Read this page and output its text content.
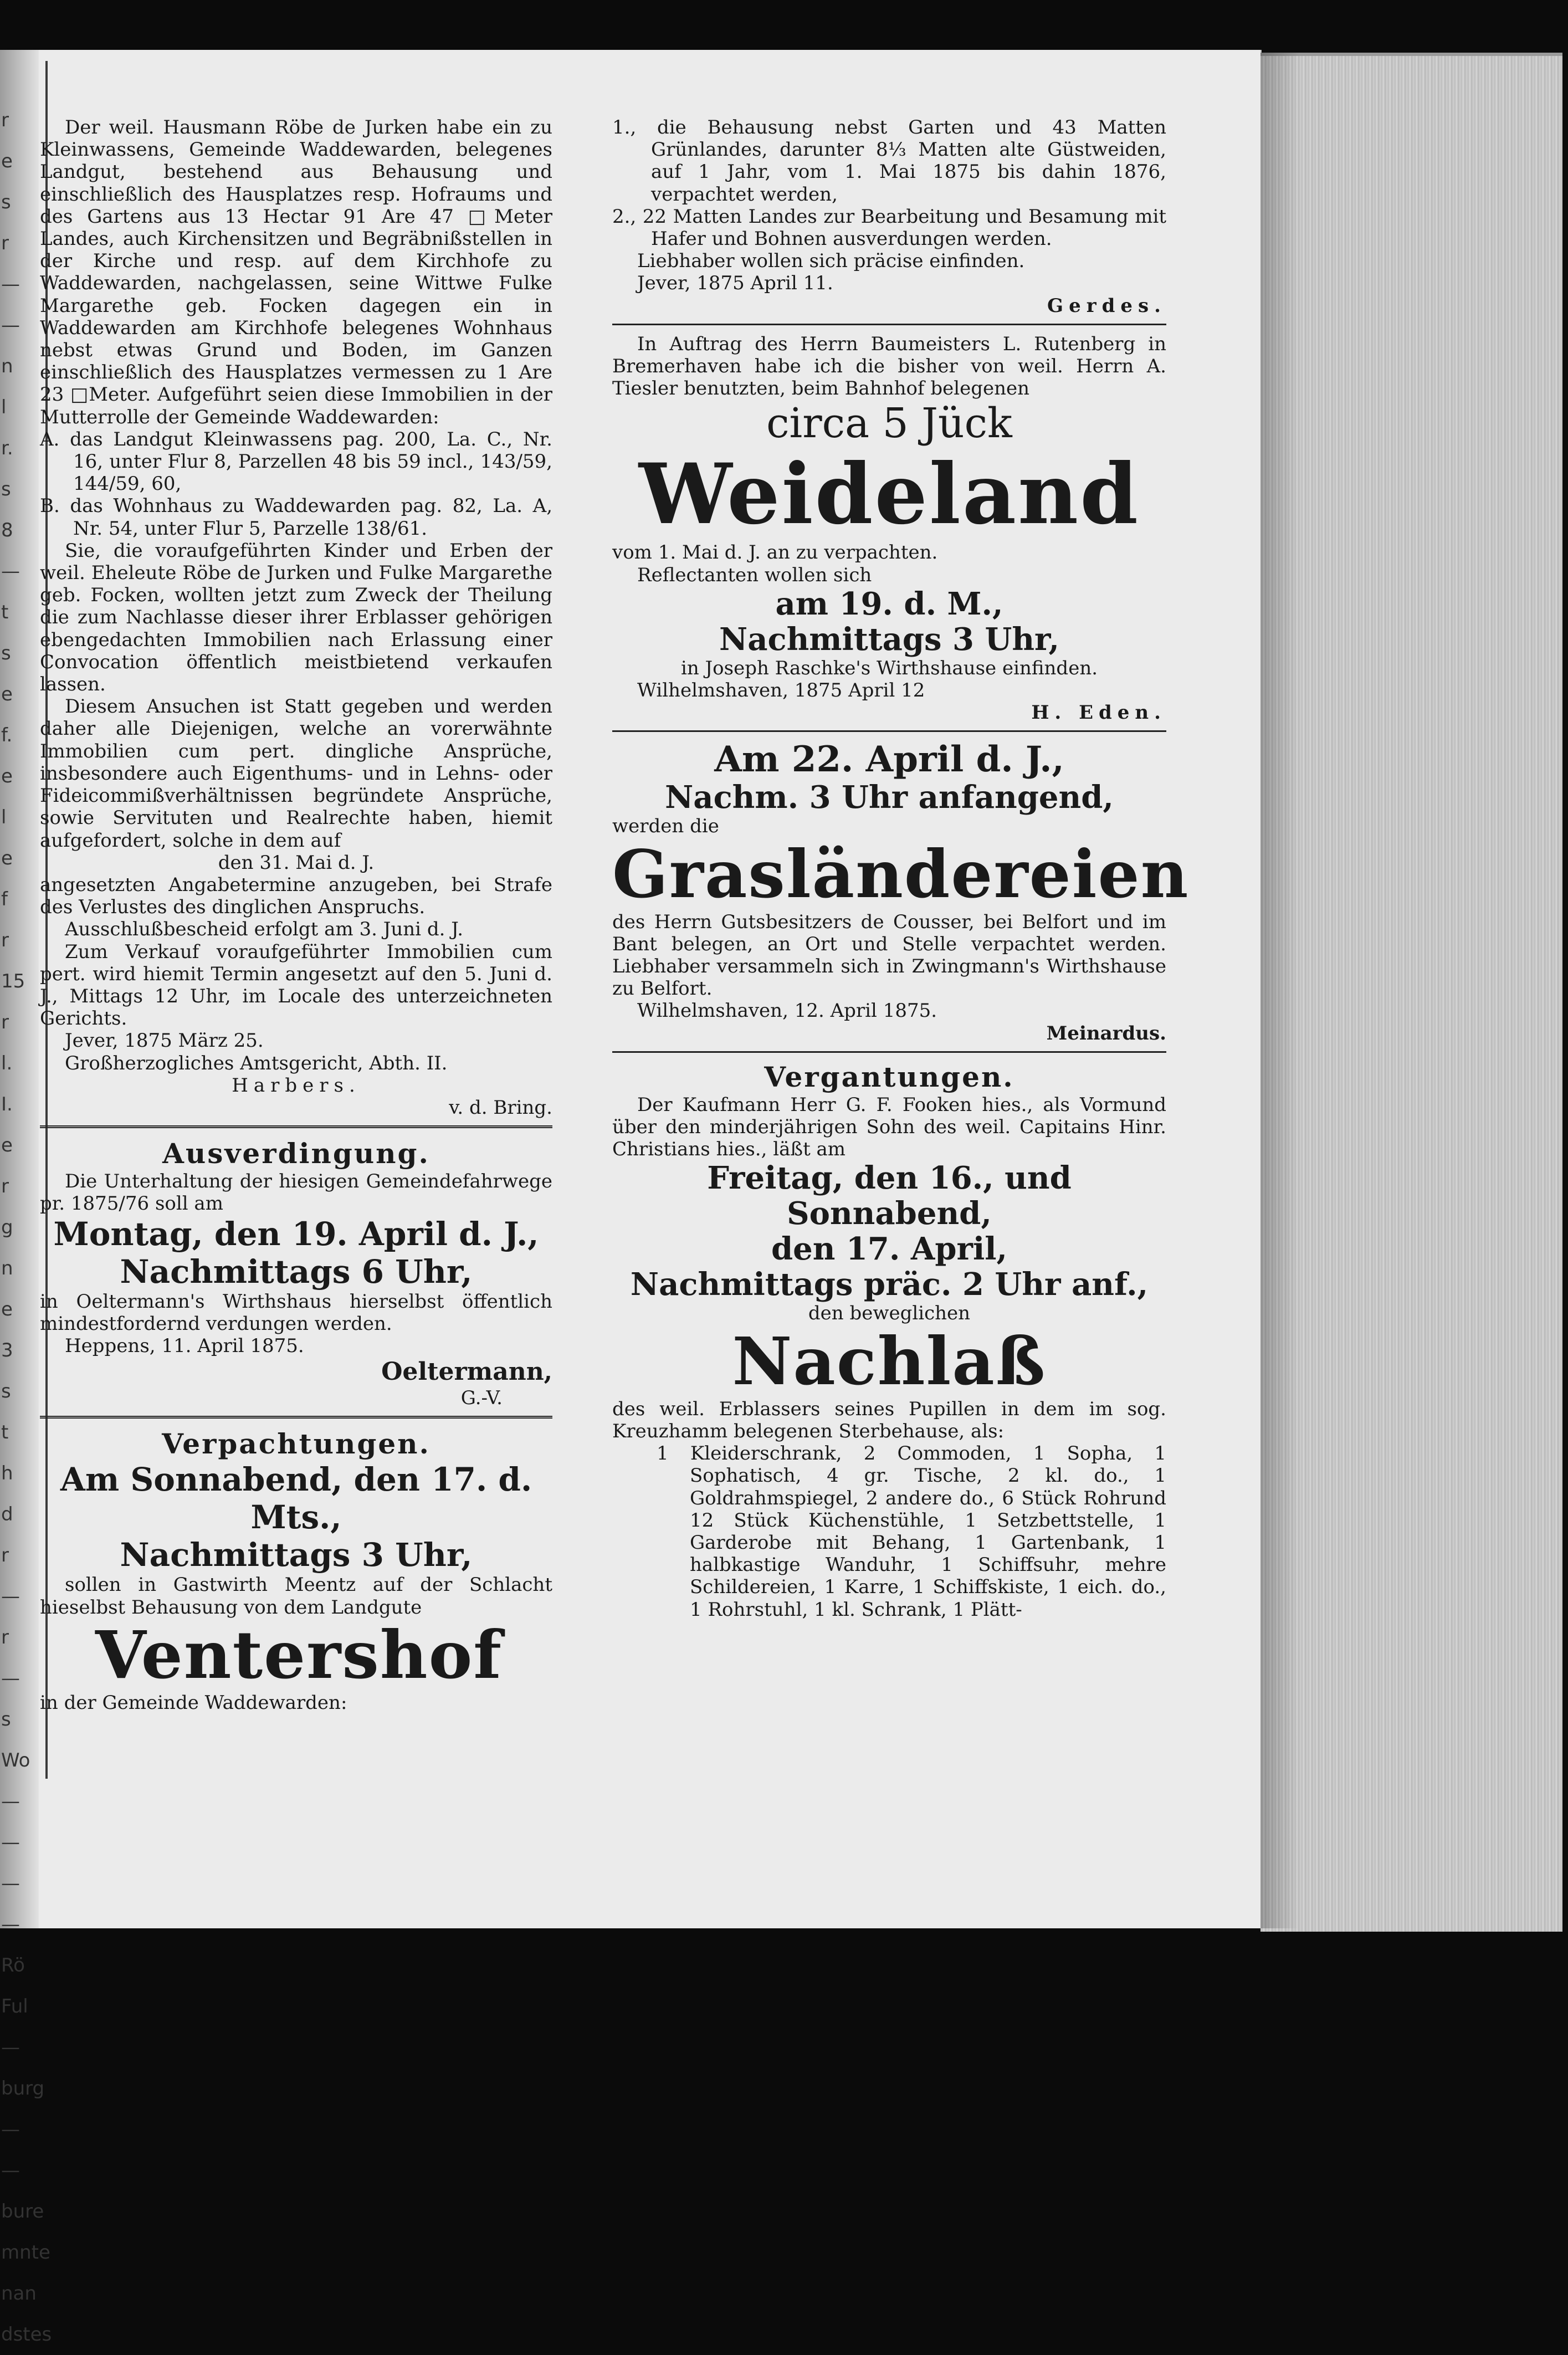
r
e
s
r
—
—
n
l
r.
s
8
—
t
s
e
f.
e
l
e
f
r
15
r
l.
I.
e
r
g
n
e
3
s
t
h
d
r
—
r
—
s
Wo
—
—
—
—
Rö
Ful
—
burg
—
—
bure
mnte
nan
dstes

Der weil. Hausmann Röbe de Jurken habe ein zu Kleinwassens, Gemeinde Waddewarden, belegenes Landgut, bestehend aus Behausung und einschließlich des Hausplatzes resp. Hofraums und des Gartens aus 13 Hectar 91 Are 47 □Meter Landes, auch Kirchensitzen und Begräbnißstellen in der Kirche und resp. auf dem Kirchhofe zu Waddewarden, nachgelassen, seine Wittwe Fulke Margarethe geb. Focken dagegen ein in Waddewarden am Kirchhofe belegenes Wohnhaus nebst etwas Grund und Boden, im Ganzen einschließlich des Hausplatzes vermessen zu 1 Are 23 □Meter. Aufgeführt seien diese Immobilien in der Mutterrolle der Gemeinde Waddewarden:

A. das Landgut Kleinwassens pag. 200, La. C., Nr. 16, unter Flur 8, Parzellen 48 bis 59 incl., 143/59, 144/59, 60,

B. das Wohnhaus zu Waddewarden pag. 82, La. A, Nr. 54, unter Flur 5, Parzelle 138/61.

Sie, die voraufgeführten Kinder und Erben der weil. Eheleute Röbe de Jurken und Fulke Margarethe geb. Focken, wollten jetzt zum Zweck der Theilung die zum Nachlasse dieser ihrer Erblasser gehörigen ebengedachten Immobilien nach Erlassung einer Convocation öffentlich meistbietend verkaufen lassen.

Diesem Ansuchen ist Statt gegeben und werden daher alle Diejenigen, welche an vorerwähnte Immobilien cum pert. dingliche Ansprüche, insbesondere auch Eigenthums- und in Lehns- oder Fideicommißverhältnissen begründete Ansprüche, sowie Servituten und Realrechte haben, hiemit aufgefordert, solche in dem auf

den 31. Mai d. J.

angesetzten Angabetermine anzugeben, bei Strafe des Verlustes des dinglichen Anspruchs.

Ausschlußbescheid erfolgt am 3. Juni d. J.

Zum Verkauf voraufgeführter Immobilien cum pert. wird hiemit Termin angesetzt auf den 5. Juni d. J., Mittags 12 Uhr, im Locale des unterzeichneten Gerichts.

Jever, 1875 März 25.

Großherzogliches Amtsgericht, Abth. II.

Harbers.

v. d. Bring.

Ausverdingung.

Die Unterhaltung der hiesigen Gemeindefahrwege pr. 1875/76 soll am

Montag, den 19. April d. J.,

Nachmittags 6 Uhr,

in Oeltermann's Wirthshaus hierselbst öffentlich mindestfordernd verdungen werden.

Heppens, 11. April 1875.

Oeltermann,

G.-V.

Verpachtungen.

Am Sonnabend, den 17. d. Mts.,

Nachmittags 3 Uhr,

sollen in Gastwirth Meentz auf der Schlacht hieselbst Behausung von dem Landgute

Ventershof

in der Gemeinde Waddewarden:

1., die Behausung nebst Garten und 43 Matten Grünlandes, darunter 8⅓ Matten alte Güstweiden, auf 1 Jahr, vom 1. Mai 1875 bis dahin 1876, verpachtet werden,

2., 22 Matten Landes zur Bearbeitung und Besamung mit Hafer und Bohnen ausverdungen werden.

Liebhaber wollen sich präcise einfinden.

Jever, 1875 April 11.

Gerdes.

In Auftrag des Herrn Baumeisters L. Rutenberg in Bremerhaven habe ich die bisher von weil. Herrn A. Tiesler benutzten, beim Bahnhof belegenen

circa 5 Jück

Weideland

vom 1. Mai d. J. an zu verpachten.

Reflectanten wollen sich

am 19. d. M.,

Nachmittags 3 Uhr,

in Joseph Raschke's Wirthshause einfinden.

Wilhelmshaven, 1875 April 12

H. Eden.

Am 22. April d. J.,

Nachm. 3 Uhr anfangend,

werden die

Grasländereien

des Herrn Gutsbesitzers de Cousser, bei Belfort und im Bant belegen, an Ort und Stelle verpachtet werden. Liebhaber versammeln sich in Zwingmann's Wirthshause zu Belfort.

Wilhelmshaven, 12. April 1875.

Meinardus.

Vergantungen.

Der Kaufmann Herr G. F. Fooken hies., als Vormund über den minderjährigen Sohn des weil. Capitains Hinr. Christians hies., läßt am

Freitag, den 16., und Sonnabend,

den 17. April,

Nachmittags präc. 2 Uhr anf.,

den beweglichen

Nachlaß

des weil. Erblassers seines Pupillen in dem im sog. Kreuzhamm belegenen Sterbehause, als:

1 Kleiderschrank, 2 Commoden, 1 Sopha, 1 Sophatisch, 4 gr. Tische, 2 kl. do., 1 Goldrahmspiegel, 2 andere do., 6 Stück Rohrund 12 Stück Küchenstühle, 1 Setzbettstelle, 1 Garderobe mit Behang, 1 Gartenbank, 1 halbkastige Wanduhr, 1 Schiffsuhr, mehre Schildereien, 1 Karre, 1 Schiffskiste, 1 eich. do., 1 Rohrstuhl, 1 kl. Schrank, 1 Plätt-
